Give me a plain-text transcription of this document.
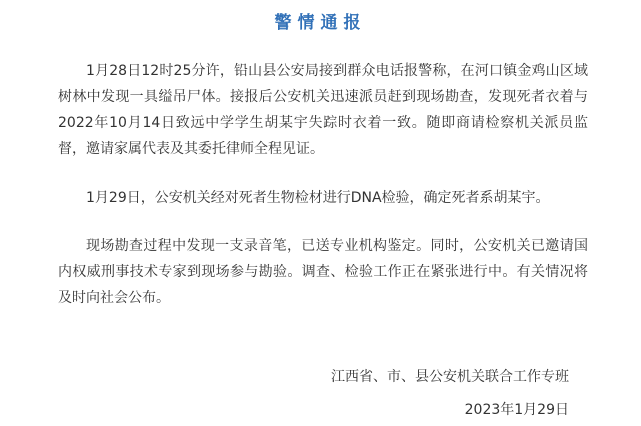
警情通报

1月28日12时25分许，铅山县公安局接到群众电话报警称，在河口镇金鸡山区域树林中发现一具缢吊尸体。接报后公安机关迅速派员赶到现场勘查，发现死者衣着与2022年10月14日致远中学学生胡某宇失踪时衣着一致。随即商请检察机关派员监督，邀请家属代表及其委托律师全程见证。

1月29日，公安机关经对死者生物检材进行DNA检验，确定死者系胡某宇。

现场勘查过程中发现一支录音笔，已送专业机构鉴定。同时，公安机关已邀请国内权威刑事技术专家到现场参与勘验。调查、检验工作正在紧张进行中。有关情况将及时向社会公布。

江西省、市、县公安机关联合工作专班
2023年1月29日
